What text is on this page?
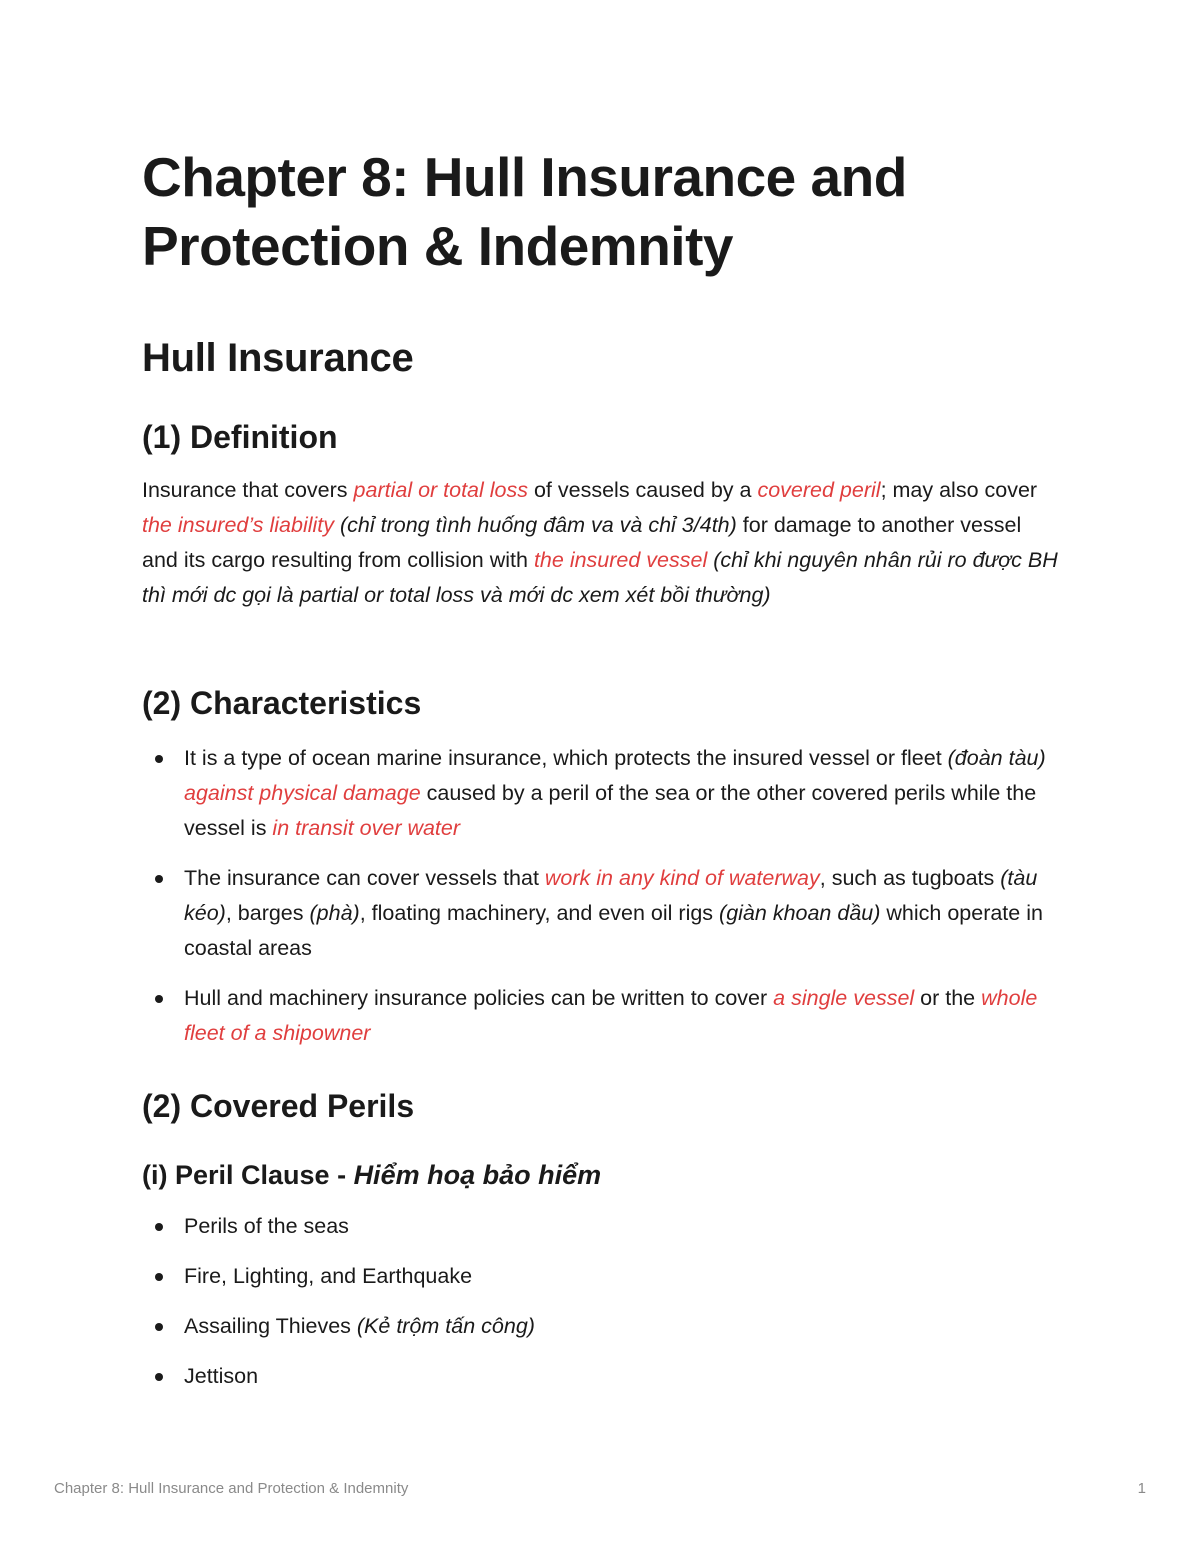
Chapter 8: Hull Insurance and Protection & Indemnity
Hull Insurance
(1) Definition

Insurance that covers partial or total loss of vessels caused by a covered peril; may also cover the insured’s liability (chỉ trong tình huống đâm va và chỉ 3/4th) for damage to another vessel and its cargo resulting from collision with the insured vessel (chỉ khi nguyên nhân rủi ro được BH thì mới dc gọi là partial or total loss và mới dc xem xét bồi thường)

(2) Characteristics
It is a type of ocean marine insurance, which protects the insured vessel or fleet (đoàn tàu) against physical damage caused by a peril of the sea or the other covered perils while the vessel is in transit over water
The insurance can cover vessels that work in any kind of waterway, such as tugboats (tàu kéo), barges (phà), floating machinery, and even oil rigs (giàn khoan dầu) which operate in coastal areas
Hull and machinery insurance policies can be written to cover a single vessel or the whole fleet of a shipowner
(2) Covered Perils
(i) Peril Clause - Hiểm hoạ bảo hiểm
Perils of the seas
Fire, Lighting, and Earthquake
Assailing Thieves (Kẻ trộm tấn công)
Jettison
Chapter 8: Hull Insurance and Protection & Indemnity	1
